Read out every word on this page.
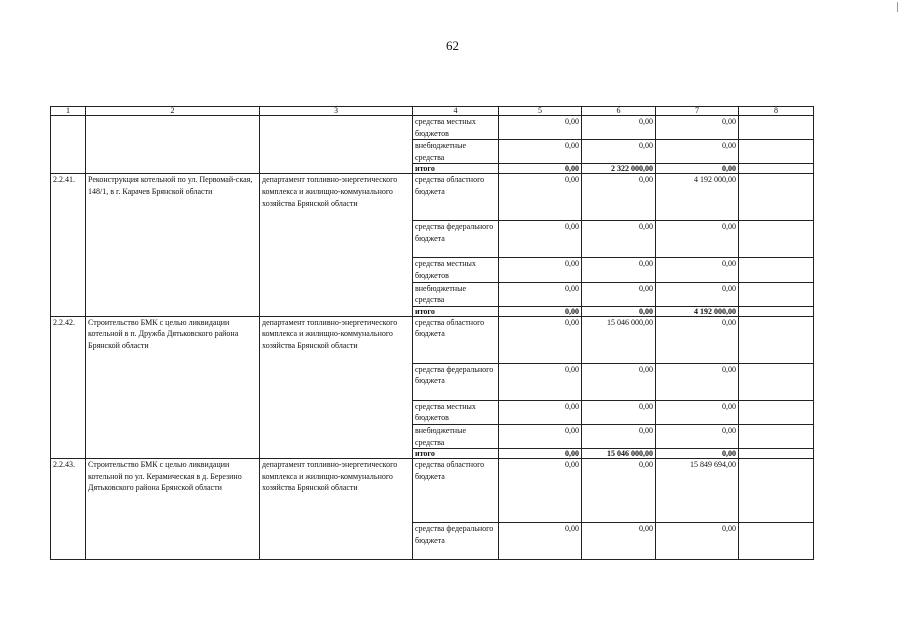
62
1	2	3	4	5	6	7	8
			средства местных бюджетов	0,00	0,00	0,00	
			внебюджетные средства	0,00	0,00	0,00	
			итого	0,00	2 322 000,00	0,00	
2.2.41.	Реконструкция котельной по ул. Первомай-ская, 148/1, в г. Карачев Брянской области	департамент топливно-энергетического комплекса и жилищно-коммунального хозяйства Брянской области	средства областного бюджета	0,00	0,00	4 192 000,00	
			средства федерального бюджета	0,00	0,00	0,00	
			средства местных бюджетов	0,00	0,00	0,00	
			внебюджетные средства	0,00	0,00	0,00	
			итого	0,00	0,00	4 192 000,00	
2.2.42.	Строительство БМК с целью ликвидации котельной в п. Дружба Дятьковского района Брянской области	департамент топливно-энергетического комплекса и жилищно-коммунального хозяйства Брянской области	средства областного бюджета	0,00	15 046 000,00	0,00	
			средства федерального бюджета	0,00	0,00	0,00	
			средства местных бюджетов	0,00	0,00	0,00	
			внебюджетные средства	0,00	0,00	0,00	
			итого	0,00	15 046 000,00	0,00	
2.2.43.	Строительство БМК с целью ликвидации котельной по ул. Керамическая в д. Березино Дятьковского района Брянской области	департамент топливно-энергетического комплекса и жилищно-коммунального хозяйства Брянской области	средства областного бюджета	0,00	0,00	15 849 694,00	
			средства федерального бюджета	0,00	0,00	0,00	
